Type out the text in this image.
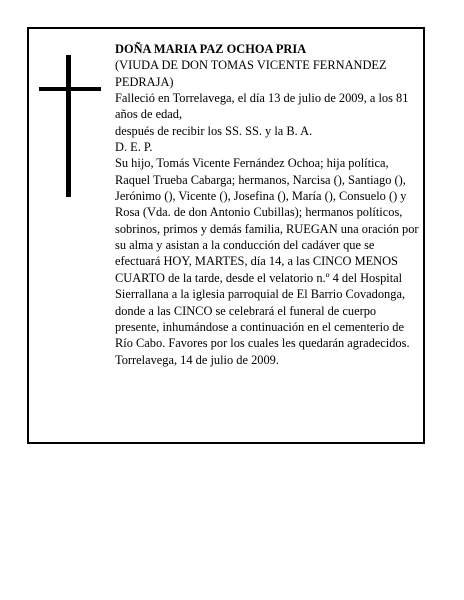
DOÑA MARIA PAZ OCHOA PRIA

(VIUDA DE DON TOMAS VICENTE FERNANDEZ PEDRAJA)

Falleció en Torrelavega, el día 13 de julio de 2009, a los 81 años de edad,

después de recibir los SS. SS. y la B. A.

D. E. P.

Su hijo, Tomás Vicente Fernández Ochoa; hija política, Raquel Trueba Cabarga; hermanos, Narcisa (), Santiago (), Jerónimo (), Vicente (), Josefina (), María (), Consuelo () y Rosa (Vda. de don Antonio Cubillas); hermanos políticos, sobrinos, primos y demás familia, RUEGAN una oración por su alma y asistan a la conducción del cadáver que se efectuará HOY, MARTES, día 14, a las CINCO MENOS CUARTO de la tarde, desde el velatorio n.º 4 del Hospital Sierrallana a la iglesia parroquial de El Barrio Covadonga, donde a las CINCO se celebrará el funeral de cuerpo presente, inhumándose a continuación en el cementerio de Río Cabo. Favores por los cuales les quedarán agradecidos.

Torrelavega, 14 de julio de 2009.
